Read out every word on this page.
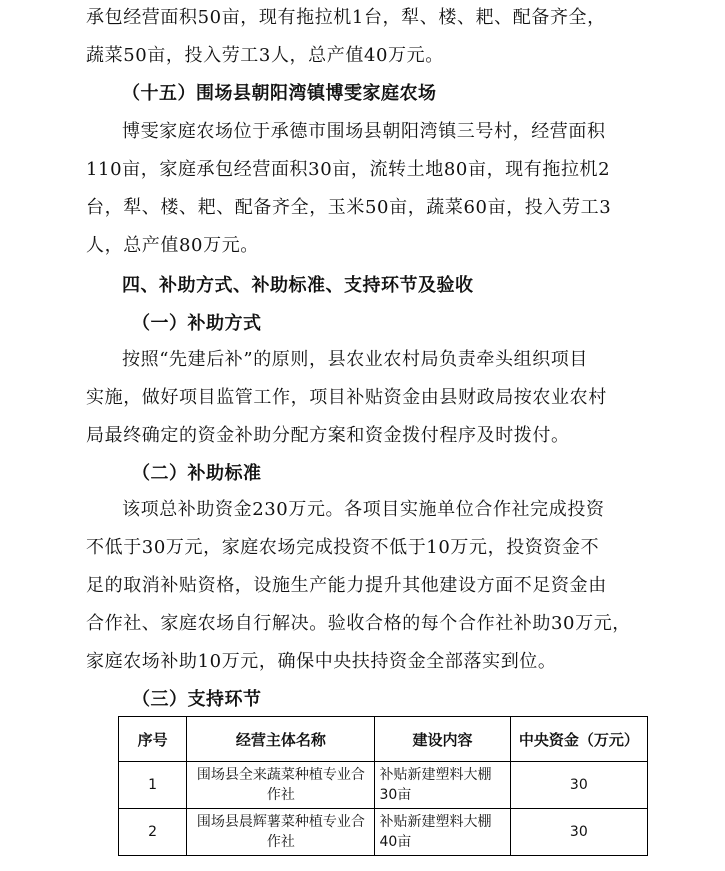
承包经营面积50亩，现有拖拉机1台，犁、楼、耙、配备齐全，
蔬菜50亩，投入劳工3人，总产值40万元。
（十五）围场县朝阳湾镇博雯家庭农场
博雯家庭农场位于承德市围场县朝阳湾镇三号村，经营面积
110亩，家庭承包经营面积30亩，流转土地80亩，现有拖拉机2
台，犁、楼、耙、配备齐全，玉米50亩，蔬菜60亩，投入劳工3
人，总产值80万元。
四、补助方式、补助标准、支持环节及验收
（一）补助方式
按照“先建后补”的原则，县农业农村局负责牵头组织项目
实施，做好项目监管工作，项目补贴资金由县财政局按农业农村
局最终确定的资金补助分配方案和资金拨付程序及时拨付。
（二）补助标准
该项总补助资金230万元。各项目实施单位合作社完成投资
不低于30万元，家庭农场完成投资不低于10万元，投资资金不
足的取消补贴资格，设施生产能力提升其他建设方面不足资金由
合作社、家庭农场自行解决。验收合格的每个合作社补助30万元，
家庭农场补助10万元，确保中央扶持资金全部落实到位。
（三）支持环节
序号	经营主体名称	建设内容	中央资金（万元）
1	围场县全来蔬菜种植专业合作社	补贴新建塑料大棚30亩	30
2	围场县晨辉薯菜种植专业合作社	补贴新建塑料大棚40亩	30
